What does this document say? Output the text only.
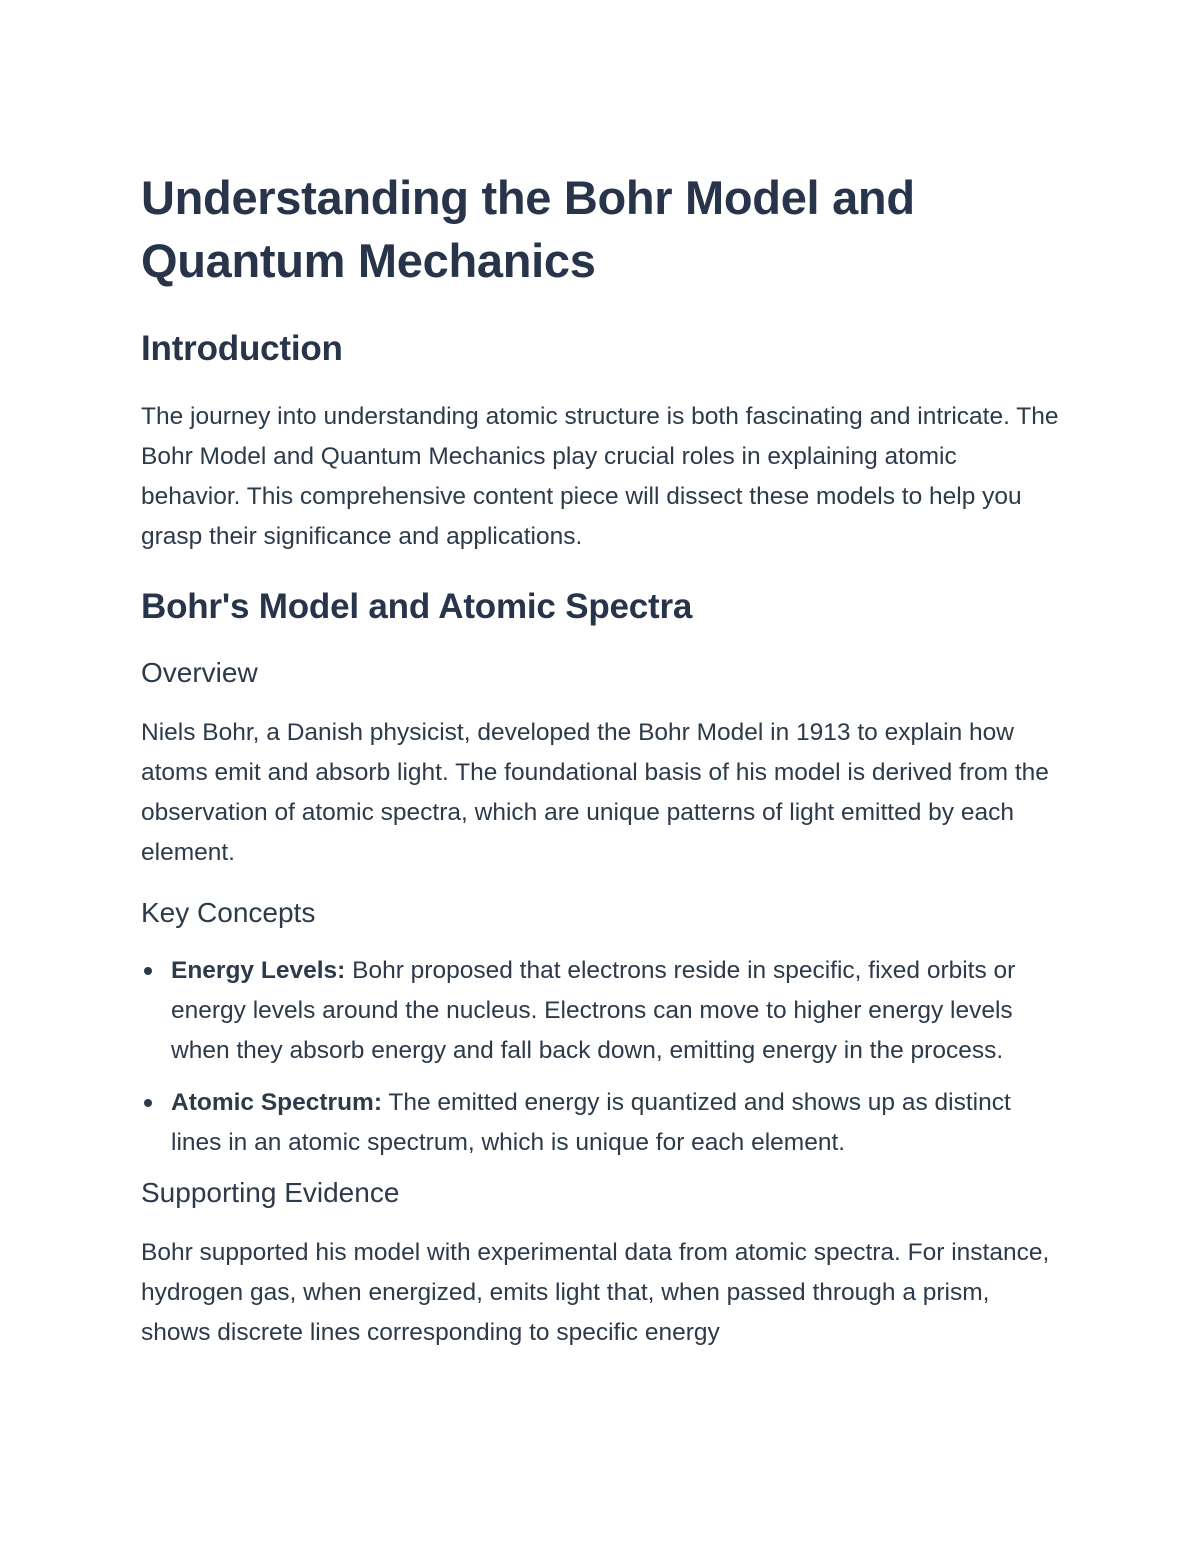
Understanding the Bohr Model and Quantum Mechanics
Introduction

The journey into understanding atomic structure is both fascinating and intricate. The Bohr Model and Quantum Mechanics play crucial roles in explaining atomic behavior. This comprehensive content piece will dissect these models to help you grasp their significance and applications.

Bohr's Model and Atomic Spectra
Overview

Niels Bohr, a Danish physicist, developed the Bohr Model in 1913 to explain how atoms emit and absorb light. The foundational basis of his model is derived from the observation of atomic spectra, which are unique patterns of light emitted by each element.

Key Concepts
Energy Levels: Bohr proposed that electrons reside in specific, fixed orbits or energy levels around the nucleus. Electrons can move to higher energy levels when they absorb energy and fall back down, emitting energy in the process.
Atomic Spectrum: The emitted energy is quantized and shows up as distinct lines in an atomic spectrum, which is unique for each element.
Supporting Evidence

Bohr supported his model with experimental data from atomic spectra. For instance, hydrogen gas, when energized, emits light that, when passed through a prism, shows discrete lines corresponding to specific energy
